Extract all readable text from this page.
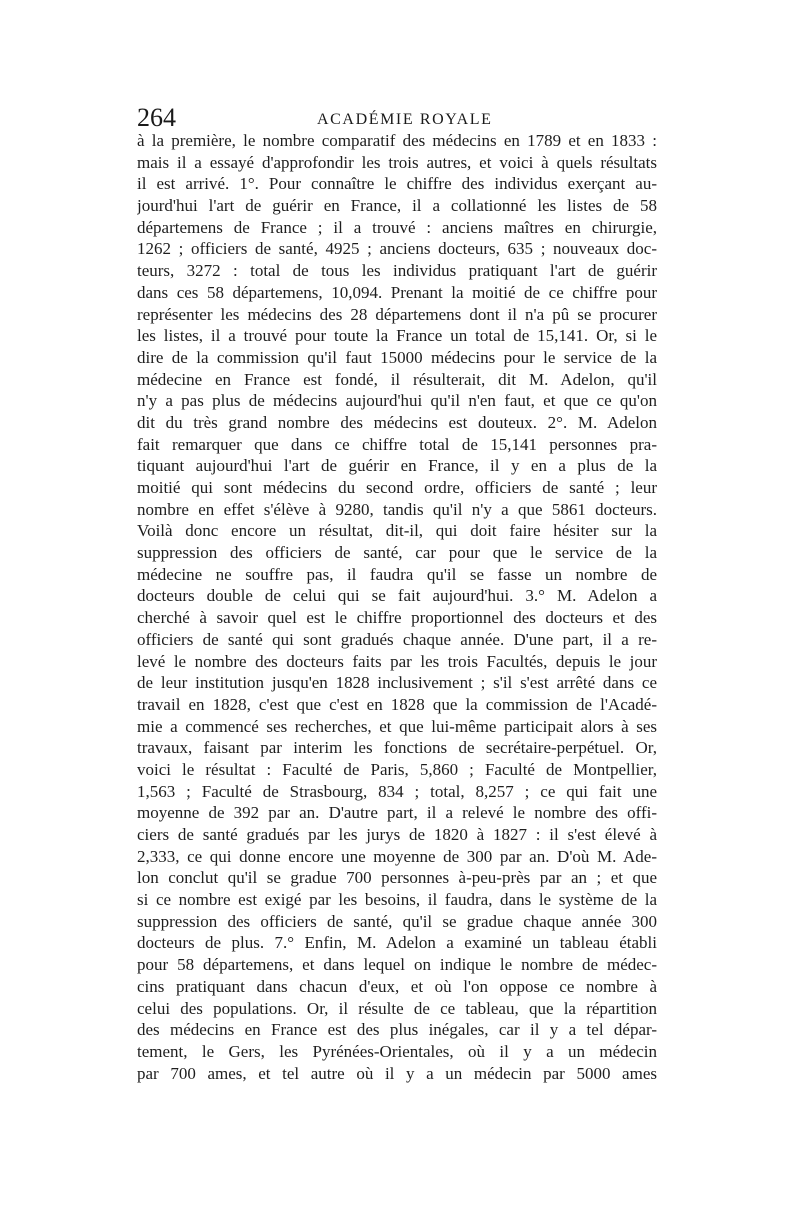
264	ACADÉMIE ROYALE
à la première, le nombre comparatif des médecins en 1789 et en 1833 :
mais il a essayé d'approfondir les trois autres, et voici à quels résultats
il est arrivé. 1°. Pour connaître le chiffre des individus exerçant au-
jourd'hui l'art de guérir en France, il a collationné les listes de 58
départemens de France ; il a trouvé : anciens maîtres en chirurgie,
1262 ; officiers de santé, 4925 ; anciens docteurs, 635 ; nouveaux doc-
teurs, 3272 : total de tous les individus pratiquant l'art de guérir
dans ces 58 départemens, 10,094. Prenant la moitié de ce chiffre pour
représenter les médecins des 28 départemens dont il n'a pû se procurer
les listes, il a trouvé pour toute la France un total de 15,141. Or, si le
dire de la commission qu'il faut 15000 médecins pour le service de la
médecine en France est fondé, il résulterait, dit M. Adelon, qu'il
n'y a pas plus de médecins aujourd'hui qu'il n'en faut, et que ce qu'on
dit du très grand nombre des médecins est douteux. 2°. M. Adelon
fait remarquer que dans ce chiffre total de 15,141 personnes pra-
tiquant aujourd'hui l'art de guérir en France, il y en a plus de la
moitié qui sont médecins du second ordre, officiers de santé ; leur
nombre en effet s'élève à 9280, tandis qu'il n'y a que 5861 docteurs.
Voilà donc encore un résultat, dit-il, qui doit faire hésiter sur la
suppression des officiers de santé, car pour que le service de la
médecine ne souffre pas, il faudra qu'il se fasse un nombre de
docteurs double de celui qui se fait aujourd'hui. 3.° M. Adelon a
cherché à savoir quel est le chiffre proportionnel des docteurs et des
officiers de santé qui sont gradués chaque année. D'une part, il a re-
levé le nombre des docteurs faits par les trois Facultés, depuis le jour
de leur institution jusqu'en 1828 inclusivement ; s'il s'est arrêté dans ce
travail en 1828, c'est que c'est en 1828 que la commission de l'Acadé-
mie a commencé ses recherches, et que lui-même participait alors à ses
travaux, faisant par interim les fonctions de secrétaire-perpétuel. Or,
voici le résultat : Faculté de Paris, 5,860 ; Faculté de Montpellier,
1,563 ; Faculté de Strasbourg, 834 ; total, 8,257 ; ce qui fait une
moyenne de 392 par an. D'autre part, il a relevé le nombre des offi-
ciers de santé gradués par les jurys de 1820 à 1827 : il s'est élevé à
2,333, ce qui donne encore une moyenne de 300 par an. D'où M. Ade-
lon conclut qu'il se gradue 700 personnes à-peu-près par an ; et que
si ce nombre est exigé par les besoins, il faudra, dans le système de la
suppression des officiers de santé, qu'il se gradue chaque année 300
docteurs de plus. 7.° Enfin, M. Adelon a examiné un tableau établi
pour 58 départemens, et dans lequel on indique le nombre de médec-
cins pratiquant dans chacun d'eux, et où l'on oppose ce nombre à
celui des populations. Or, il résulte de ce tableau, que la répartition
des médecins en France est des plus inégales, car il y a tel dépar-
tement, le Gers, les Pyrénées-Orientales, où il y a un médecin
par 700 ames, et tel autre où il y a un médecin par 5000 ames
